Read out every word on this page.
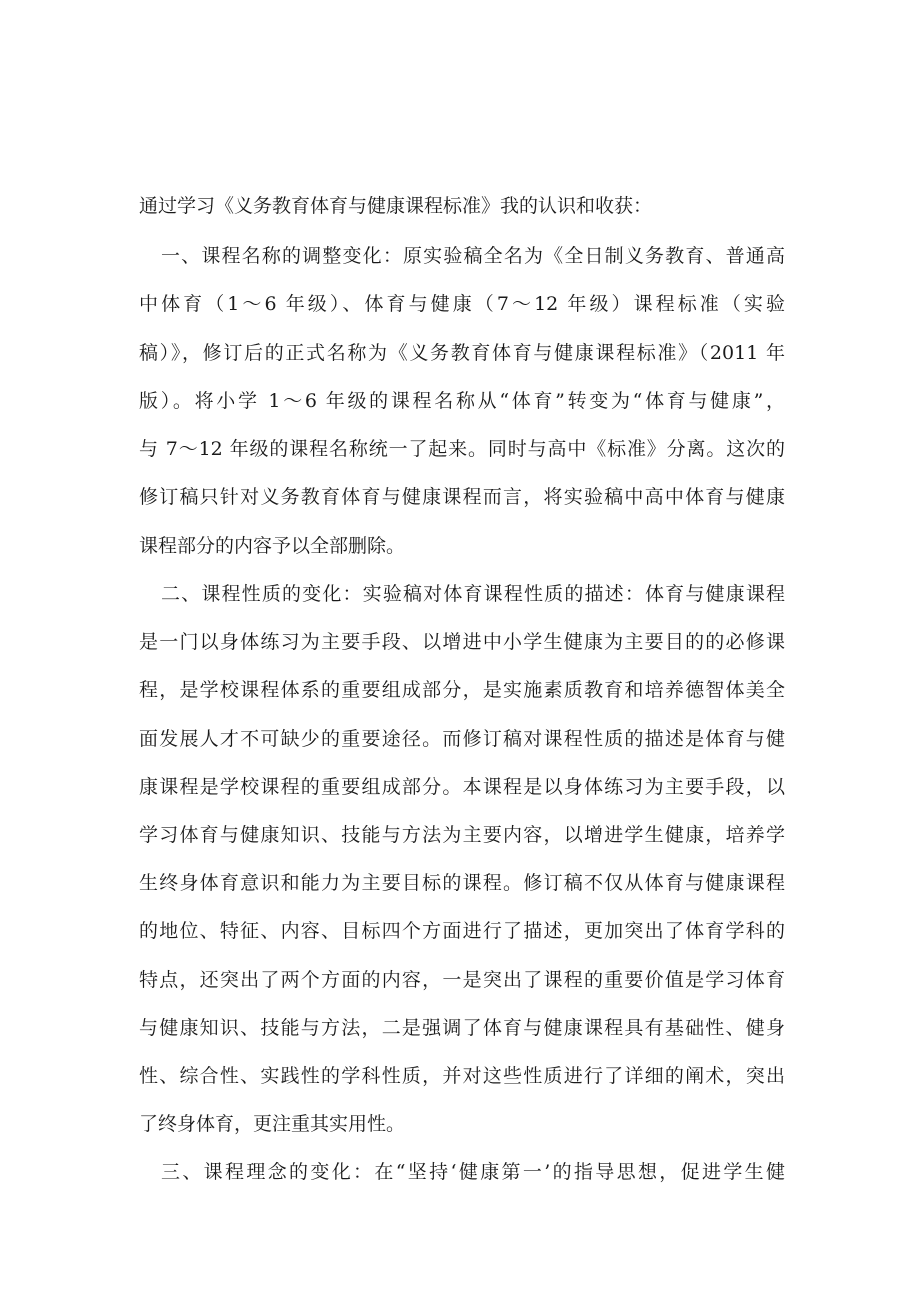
通过学习《义务教育体育与健康课程标准》我的认识和收获：
一、课程名称的调整变化：原实验稿全名为《全日制义务教育、普通高
中体育（1～6 年级）、体育与健康（7～12 年级）课程标准（实验
稿）》，修订后的正式名称为《义务教育体育与健康课程标准》（2011 年
版）。将小学 1～6 年级的课程名称从“体育”转变为“体育与健康”，
与 7～12 年级的课程名称统一了起来。同时与高中《标准》分离。这次的
修订稿只针对义务教育体育与健康课程而言，将实验稿中高中体育与健康
课程部分的内容予以全部删除。
二、课程性质的变化：实验稿对体育课程性质的描述：体育与健康课程
是一门以身体练习为主要手段、以增进中小学生健康为主要目的的必修课
程，是学校课程体系的重要组成部分，是实施素质教育和培养德智体美全
面发展人才不可缺少的重要途径。而修订稿对课程性质的描述是体育与健
康课程是学校课程的重要组成部分。本课程是以身体练习为主要手段，以
学习体育与健康知识、技能与方法为主要内容，以增进学生健康，培养学
生终身体育意识和能力为主要目标的课程。修订稿不仅从体育与健康课程
的地位、特征、内容、目标四个方面进行了描述，更加突出了体育学科的
特点，还突出了两个方面的内容，一是突出了课程的重要价值是学习体育
与健康知识、技能与方法，二是强调了体育与健康课程具有基础性、健身
性、综合性、实践性的学科性质，并对这些性质进行了详细的阐术，突出
了终身体育，更注重其实用性。
三、课程理念的变化：在“坚持‘健康第一’的指导思想，促进学生健
